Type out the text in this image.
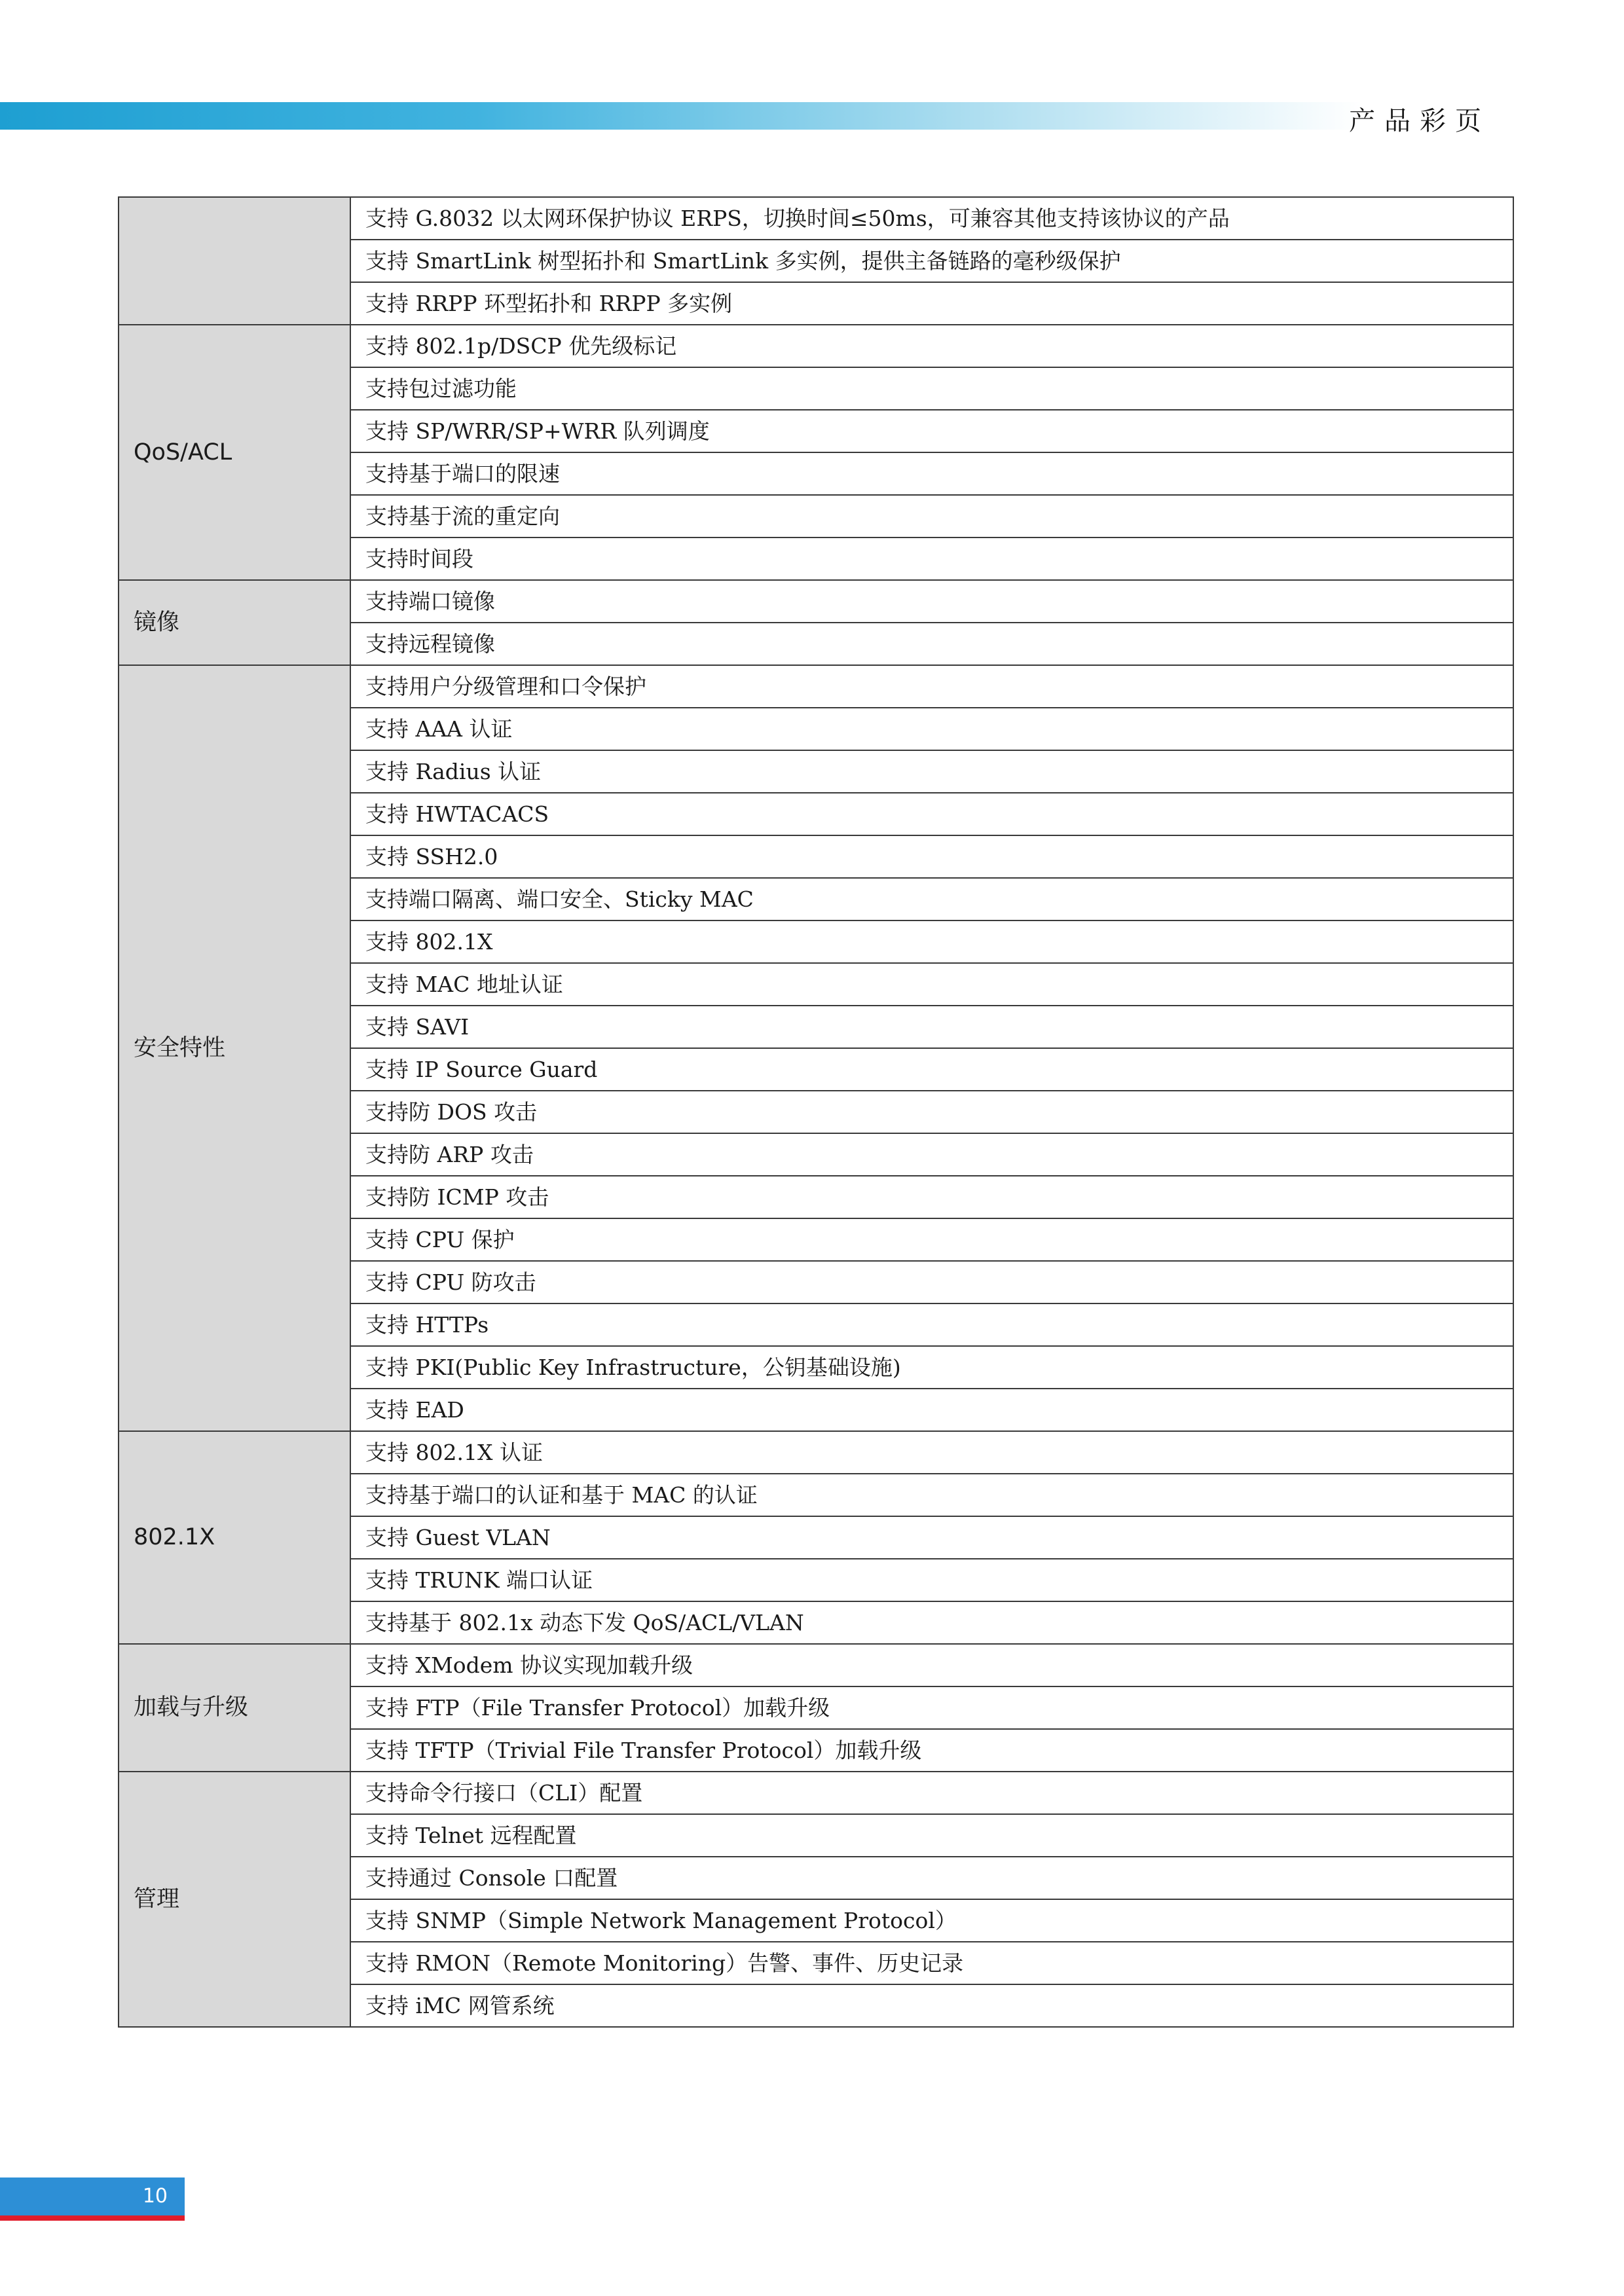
产品彩页
	支持 G.8032 以太网环保护协议 ERPS，切换时间≤50ms，可兼容其他支持该协议的产品
	支持 SmartLink 树型拓扑和 SmartLink 多实例，提供主备链路的毫秒级保护
	支持 RRPP 环型拓扑和 RRPP 多实例
QoS/ACL	支持 802.1p/DSCP 优先级标记
	支持包过滤功能
	支持 SP/WRR/SP+WRR 队列调度
	支持基于端口的限速
	支持基于流的重定向
	支持时间段
镜像	支持端口镜像
	支持远程镜像
安全特性	支持用户分级管理和口令保护
	支持 AAA 认证
	支持 Radius 认证
	支持 HWTACACS
	支持 SSH2.0
	支持端口隔离、端口安全、Sticky MAC
	支持 802.1X
	支持 MAC 地址认证
	支持 SAVI
	支持 IP Source Guard
	支持防 DOS 攻击
	支持防 ARP 攻击
	支持防 ICMP 攻击
	支持 CPU 保护
	支持 CPU 防攻击
	支持 HTTPs
	支持 PKI(Public Key Infrastructure，公钥基础设施)
	支持 EAD
802.1X	支持 802.1X 认证
	支持基于端口的认证和基于 MAC 的认证
	支持 Guest VLAN
	支持 TRUNK 端口认证
	支持基于 802.1x 动态下发 QoS/ACL/VLAN
加载与升级	支持 XModem 协议实现加载升级
	支持 FTP（File Transfer Protocol）加载升级
	支持 TFTP（Trivial File Transfer Protocol）加载升级
管理	支持命令行接口（CLI）配置
	支持 Telnet 远程配置
	支持通过 Console 口配置
	支持 SNMP（Simple Network Management Protocol）
	支持 RMON（Remote Monitoring）告警、事件、历史记录
	支持 iMC 网管系统
10
